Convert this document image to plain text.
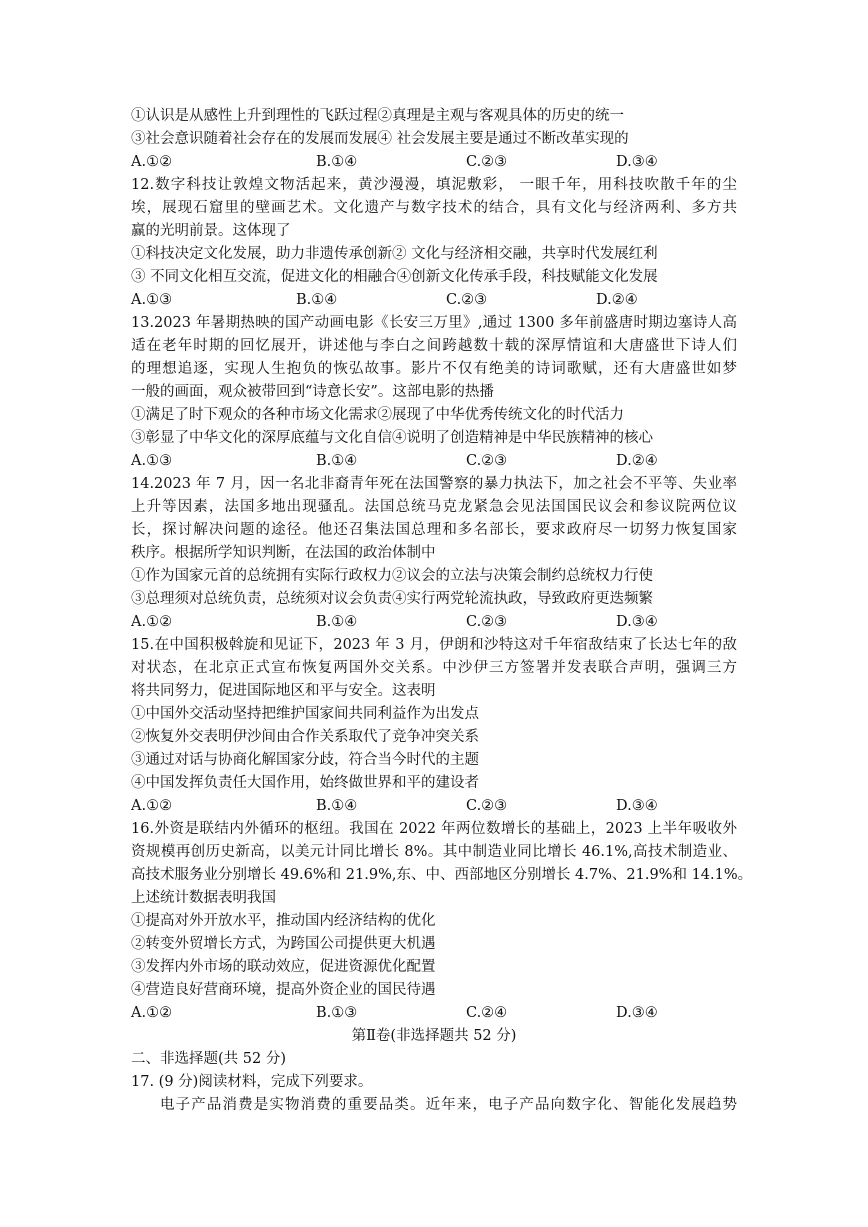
①认识是从感性上升到理性的飞跃过程②真理是主观与客观具体的历史的统一
③社会意识随着社会存在的发展而发展④ 社会发展主要是通过不断改革实现的
A.①②	B.①④	C.②③	D.③④
12.数字科技让敦煌文物活起来，黄沙漫漫，填泥敷彩， 一眼千年，用科技吹散千年的尘
埃，展现石窟里的壁画艺术。文化遗产与数字技术的结合，具有文化与经济两利、多方共
赢的光明前景。这体现了
①科技决定文化发展，助力非遗传承创新② 文化与经济相交融，共享时代发展红利
③ 不同文化相互交流，促进文化的相融合④创新文化传承手段，科技赋能文化发展
A.①③	B.①④	C.②③	D.②④
13.2023 年暑期热映的国产动画电影《长安三万里》,通过 1300 多年前盛唐时期边塞诗人高
适在老年时期的回忆展开，讲述他与李白之间跨越数十载的深厚情谊和大唐盛世下诗人们
的理想追逐，实现人生抱负的恢弘故事。影片不仅有绝美的诗词歌赋，还有大唐盛世如梦
一般的画面，观众被带回到“诗意长安”。这部电影的热播
①满足了时下观众的各种市场文化需求②展现了中华优秀传统文化的时代活力
③彰显了中华文化的深厚底蕴与文化自信④说明了创造精神是中华民族精神的核心
A.①③	B.①④	C.②③	D.②④
14.2023 年 7 月，因一名北非裔青年死在法国警察的暴力执法下，加之社会不平等、失业率
上升等因素，法国多地出现骚乱。法国总统马克龙紧急会见法国国民议会和参议院两位议
长，探讨解决问题的途径。他还召集法国总理和多名部长，要求政府尽一切努力恢复国家
秩序。根据所学知识判断，在法国的政治体制中
①作为国家元首的总统拥有实际行政权力②议会的立法与决策会制约总统权力行使
③总理须对总统负责，总统须对议会负责④实行两党轮流执政，导致政府更迭频繁
A.①②	B.①④	C.②③	D.③④
15.在中国积极斡旋和见证下，2023 年 3 月，伊朗和沙特这对千年宿敌结束了长达七年的敌
对状态，在北京正式宣布恢复两国外交关系。中沙伊三方签署并发表联合声明，强调三方
将共同努力，促进国际地区和平与安全。这表明
①中国外交活动坚持把维护国家间共同利益作为出发点
②恢复外交表明伊沙间由合作关系取代了竞争冲突关系
③通过对话与协商化解国家分歧，符合当今时代的主题
④中国发挥负责任大国作用，始终做世界和平的建设者
A.①②	B.①④	C.②③	D.③④
16.外资是联结内外循环的枢纽。我国在 2022 年两位数增长的基础上，2023 上半年吸收外
资规模再创历史新高，以美元计同比增长 8%。其中制造业同比增长 46.1%,高技术制造业、
高技术服务业分别增长 49.6%和 21.9%,东、中、西部地区分别增长 4.7%、21.9%和 14.1%。
上述统计数据表明我国
①提高对外开放水平，推动国内经济结构的优化
②转变外贸增长方式，为跨国公司提供更大机遇
③发挥内外市场的联动效应，促进资源优化配置
④营造良好营商环境，提高外资企业的国民待遇
A.①②	B.①③	C.②④	D.③④
第Ⅱ卷(非选择题共 52 分)
二、非选择题(共 52 分)
17. (9 分)阅读材料，完成下列要求。
电子产品消费是实物消费的重要品类。近年来，电子产品向数字化、智能化发展趋势
